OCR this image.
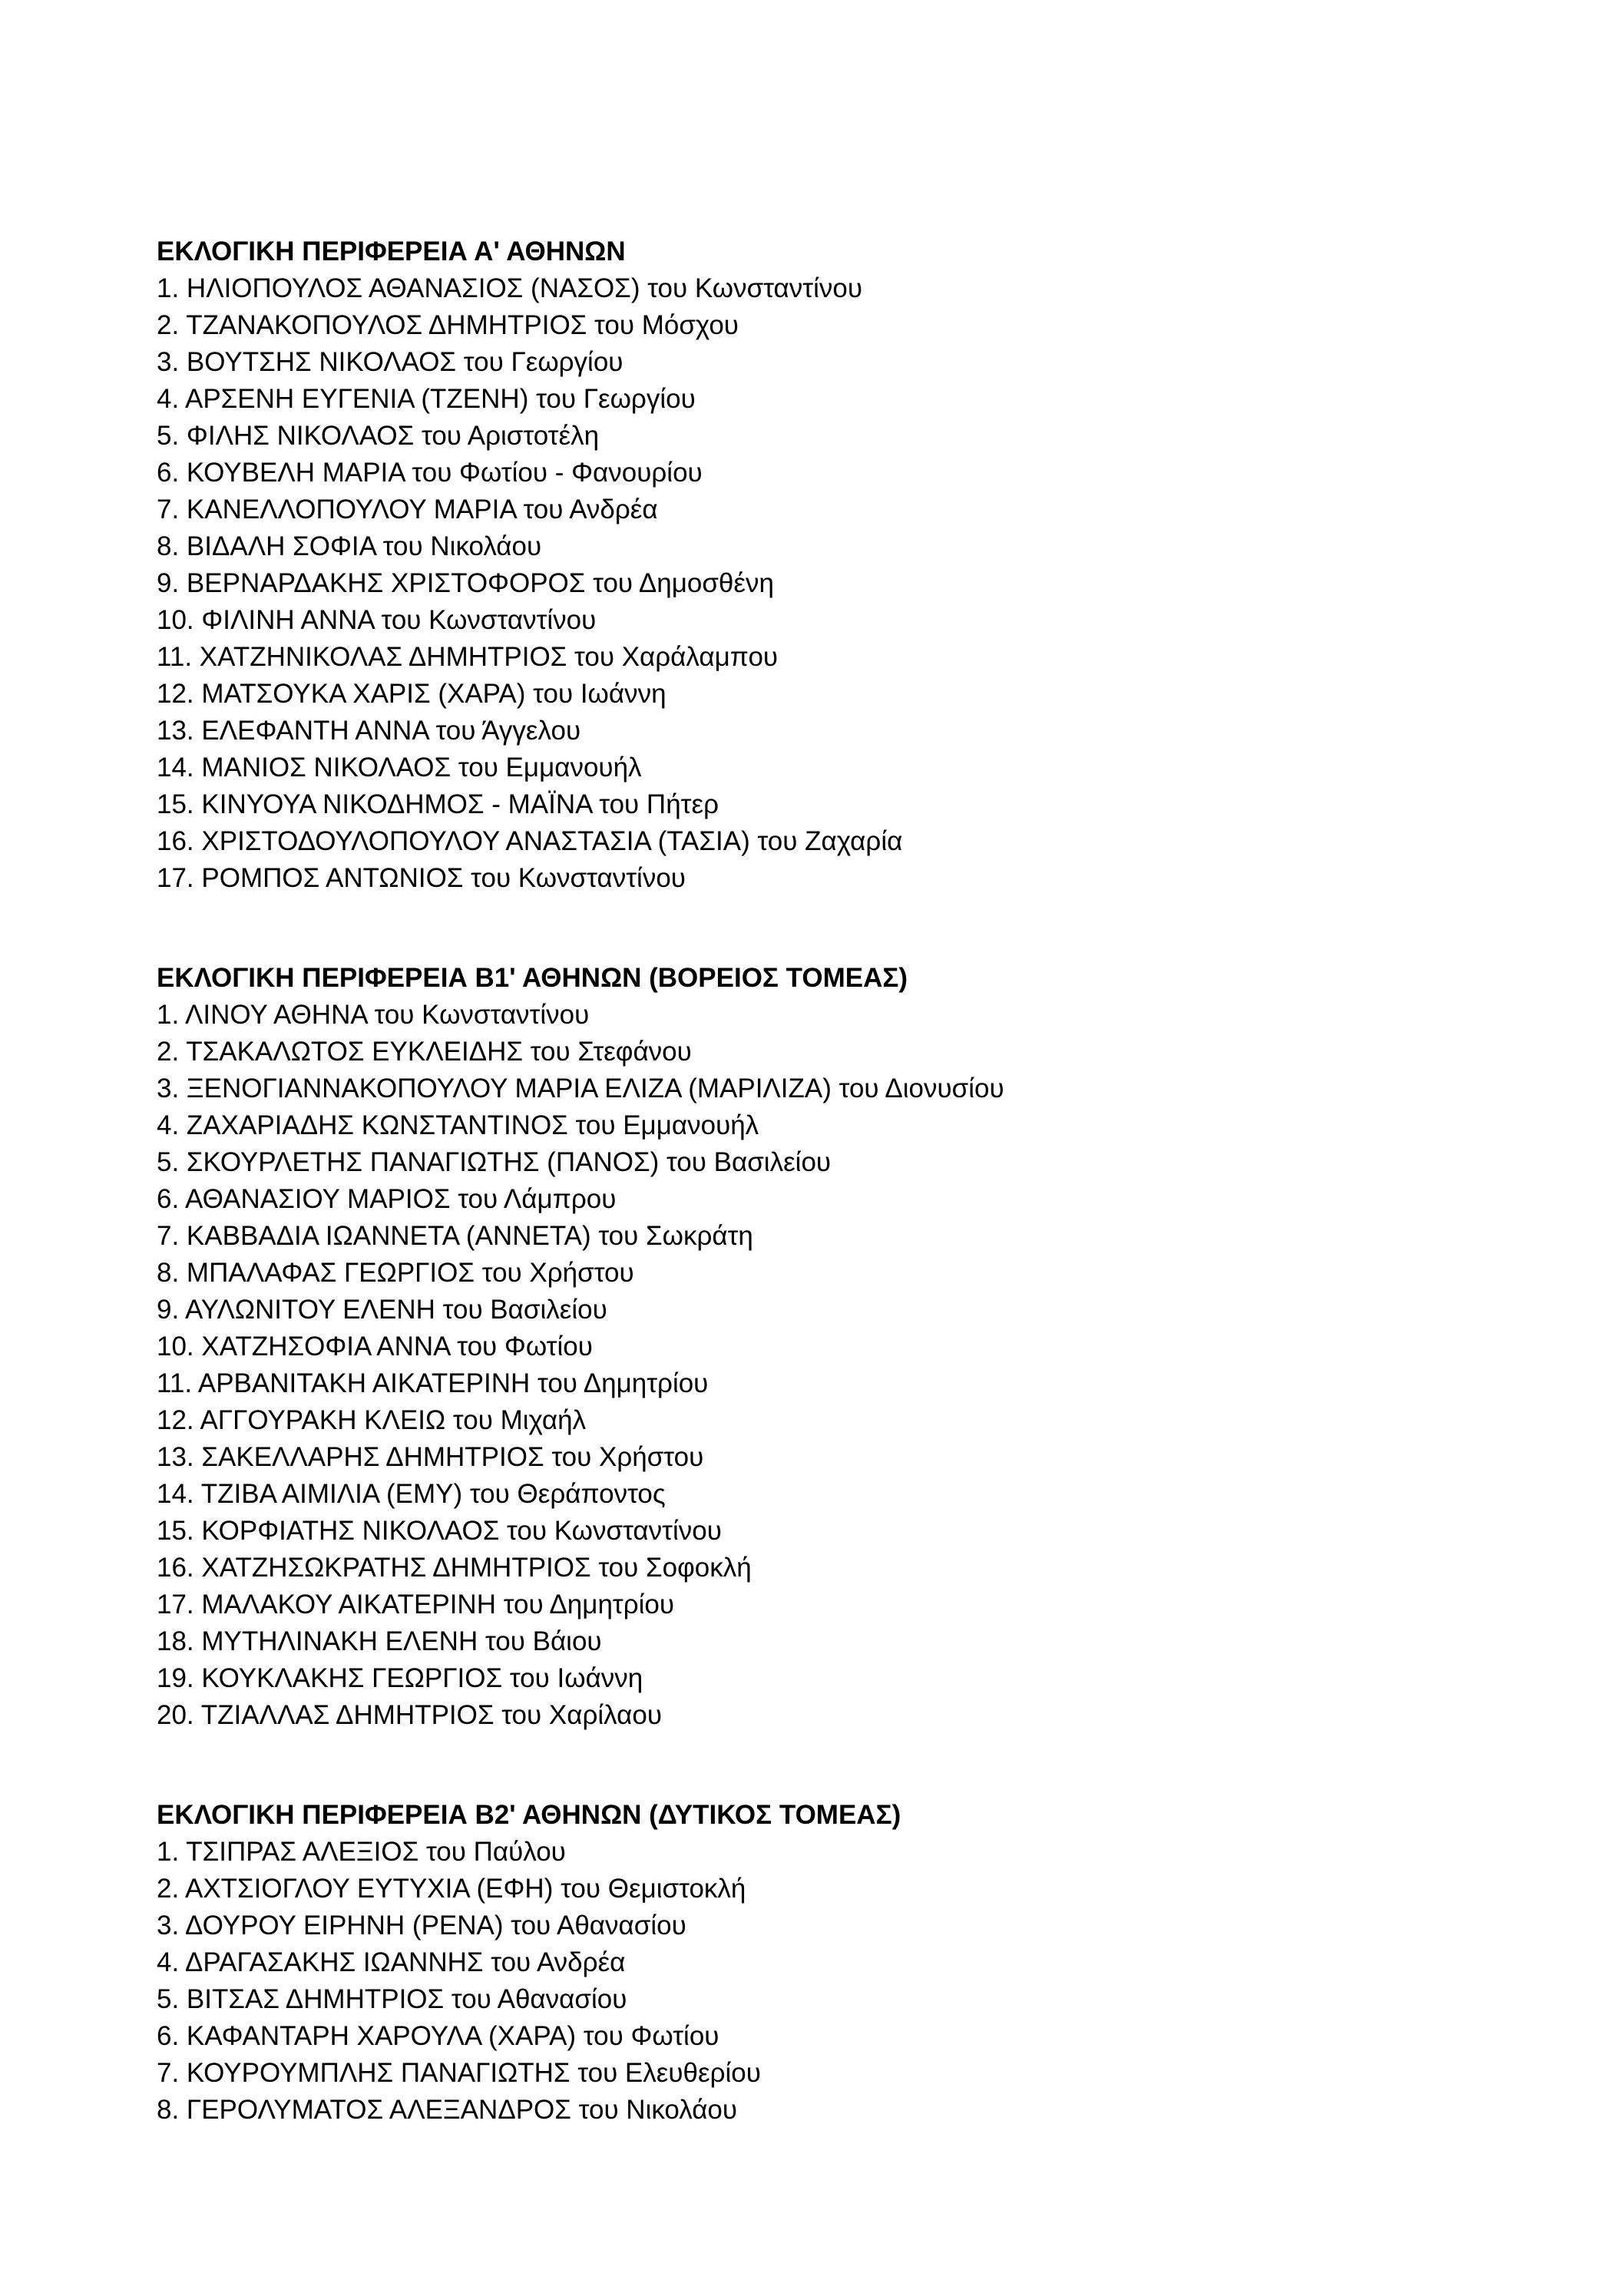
ΕΚΛΟΓΙΚΗ ΠΕΡΙΦΕΡΕΙΑ Α' ΑΘΗΝΩΝ
1. ΗΛΙΟΠΟΥΛΟΣ ΑΘΑΝΑΣΙΟΣ (ΝΑΣΟΣ) του Κωνσταντίνου
2. ΤΖΑΝΑΚΟΠΟΥΛΟΣ ΔΗΜΗΤΡΙΟΣ του Μόσχου
3. ΒΟΥΤΣΗΣ ΝΙΚΟΛΑΟΣ του Γεωργίου
4. ΑΡΣΕΝΗ ΕΥΓΕΝΙΑ (ΤΖΕΝΗ) του Γεωργίου
5. ΦΙΛΗΣ ΝΙΚΟΛΑΟΣ του Αριστοτέλη
6. ΚΟΥΒΕΛΗ ΜΑΡΙΑ του Φωτίου - Φανουρίου
7. ΚΑΝΕΛΛΟΠΟΥΛΟΥ ΜΑΡΙΑ του Ανδρέα
8. ΒΙΔΑΛΗ ΣΟΦΙΑ του Νικολάου
9. ΒΕΡΝΑΡΔΑΚΗΣ ΧΡΙΣΤΟΦΟΡΟΣ του Δημοσθένη
10. ΦΙΛΙΝΗ ΑΝΝΑ του Κωνσταντίνου
11. ΧΑΤΖΗΝΙΚΟΛΑΣ ΔΗΜΗΤΡΙΟΣ του Χαράλαμπου
12. ΜΑΤΣΟΥΚΑ ΧΑΡΙΣ (ΧΑΡΑ) του Ιωάννη
13. ΕΛΕΦΑΝΤΗ ΑΝΝΑ του Άγγελου
14. ΜΑΝΙΟΣ ΝΙΚΟΛΑΟΣ του Εμμανουήλ
15. ΚΙΝΥΟΥΑ ΝΙΚΟΔΗΜΟΣ - ΜΑΪΝΑ του Πήτερ
16. ΧΡΙΣΤΟΔΟΥΛΟΠΟΥΛΟΥ ΑΝΑΣΤΑΣΙΑ (ΤΑΣΙΑ) του Ζαχαρία
17. ΡΟΜΠΟΣ ΑΝΤΩΝΙΟΣ του Κωνσταντίνου
ΕΚΛΟΓΙΚΗ ΠΕΡΙΦΕΡΕΙΑ Β1' ΑΘΗΝΩΝ (ΒΟΡΕΙΟΣ ΤΟΜΕΑΣ)
1. ΛΙΝΟΥ ΑΘΗΝΑ του Κωνσταντίνου
2. ΤΣΑΚΑΛΩΤΟΣ ΕΥΚΛΕΙΔΗΣ του Στεφάνου
3. ΞΕΝΟΓΙΑΝΝΑΚΟΠΟΥΛΟΥ ΜΑΡΙΑ ΕΛΙΖΑ (ΜΑΡΙΛΙΖΑ) του Διονυσίου
4. ΖΑΧΑΡΙΑΔΗΣ ΚΩΝΣΤΑΝΤΙΝΟΣ του Εμμανουήλ
5. ΣΚΟΥΡΛΕΤΗΣ ΠΑΝΑΓΙΩΤΗΣ (ΠΑΝΟΣ) του Βασιλείου
6. ΑΘΑΝΑΣΙΟΥ ΜΑΡΙΟΣ του Λάμπρου
7. ΚΑΒΒΑΔΙΑ ΙΩΑΝΝΕΤΑ (ΑΝΝΕΤΑ) του Σωκράτη
8. ΜΠΑΛΑΦΑΣ ΓΕΩΡΓΙΟΣ του Χρήστου
9. ΑΥΛΩΝΙΤΟΥ ΕΛΕΝΗ του Βασιλείου
10. ΧΑΤΖΗΣΟΦΙΑ ΑΝΝΑ του Φωτίου
11. ΑΡΒΑΝΙΤΑΚΗ ΑΙΚΑΤΕΡΙΝΗ του Δημητρίου
12. ΑΓΓΟΥΡΑΚΗ ΚΛΕΙΩ του Μιχαήλ
13. ΣΑΚΕΛΛΑΡΗΣ ΔΗΜΗΤΡΙΟΣ του Χρήστου
14. ΤΖΙΒΑ ΑΙΜΙΛΙΑ (ΕΜΥ) του Θεράποντος
15. ΚΟΡΦΙΑΤΗΣ ΝΙΚΟΛΑΟΣ του Κωνσταντίνου
16. ΧΑΤΖΗΣΩΚΡΑΤΗΣ ΔΗΜΗΤΡΙΟΣ του Σοφοκλή
17. ΜΑΛΑΚΟΥ ΑΙΚΑΤΕΡΙΝΗ του Δημητρίου
18. ΜΥΤΗΛΙΝΑΚΗ ΕΛΕΝΗ του Βάιου
19. ΚΟΥΚΛΑΚΗΣ ΓΕΩΡΓΙΟΣ του Ιωάννη
20. ΤΖΙΑΛΛΑΣ ΔΗΜΗΤΡΙΟΣ του Χαρίλαου
ΕΚΛΟΓΙΚΗ ΠΕΡΙΦΕΡΕΙΑ Β2' ΑΘΗΝΩΝ (ΔΥΤΙΚΟΣ ΤΟΜΕΑΣ)
1. ΤΣΙΠΡΑΣ ΑΛΕΞΙΟΣ του Παύλου
2. ΑΧΤΣΙΟΓΛΟΥ ΕΥΤΥΧΙΑ (ΕΦΗ) του Θεμιστοκλή
3. ΔΟΥΡΟΥ ΕΙΡΗΝΗ (ΡΕΝΑ) του Αθανασίου
4. ΔΡΑΓΑΣΑΚΗΣ ΙΩΑΝΝΗΣ του Ανδρέα
5. ΒΙΤΣΑΣ ΔΗΜΗΤΡΙΟΣ του Αθανασίου
6. ΚΑΦΑΝΤΑΡΗ ΧΑΡΟΥΛΑ (ΧΑΡΑ) του Φωτίου
7. ΚΟΥΡΟΥΜΠΛΗΣ ΠΑΝΑΓΙΩΤΗΣ του Ελευθερίου
8. ΓΕΡΟΛΥΜΑΤΟΣ ΑΛΕΞΑΝΔΡΟΣ του Νικολάου
